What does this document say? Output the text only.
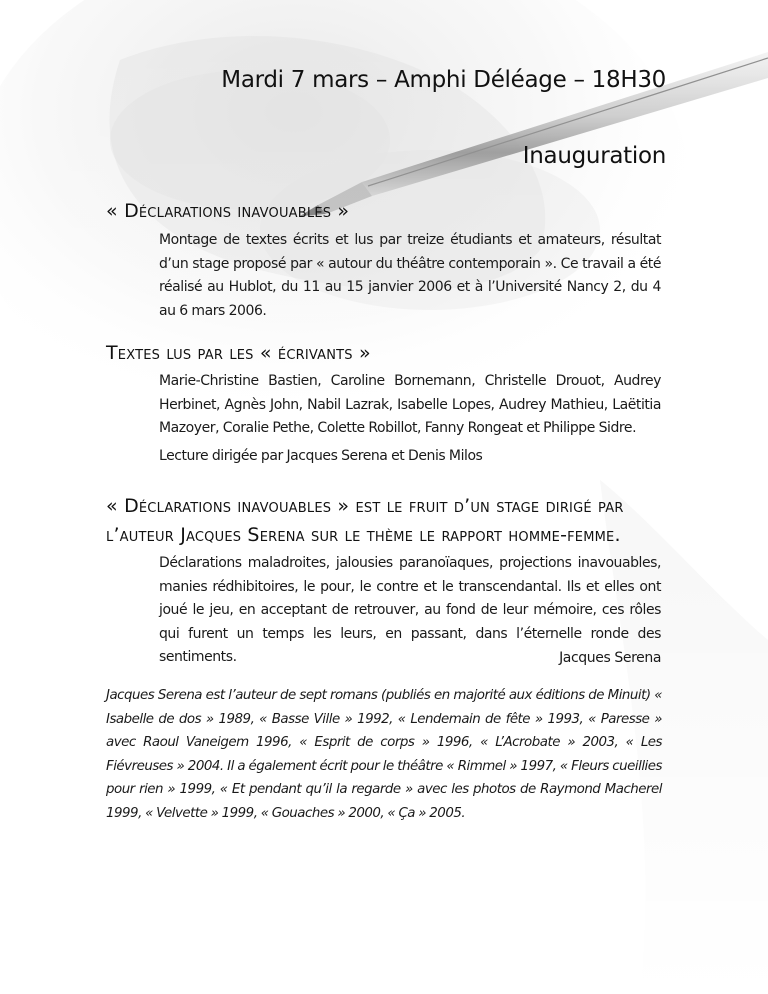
Mardi 7 mars – Amphi Déléage – 18H30
Inauguration
« Déclarations inavouables »

Montage de textes écrits et lus par treize étudiants et amateurs, résultat d’un stage proposé par « autour du théâtre contemporain ». Ce travail a été réalisé au Hublot, du 11 au 15 janvier 2006 et à l’Université Nancy 2, du 4 au 6 mars 2006.

Textes lus par les « écrivants »

Marie-Christine Bastien, Caroline Bornemann, Christelle Drouot, Audrey Herbinet, Agnès John, Nabil Lazrak, Isabelle Lopes, Audrey Mathieu, Laëtitia Mazoyer, Coralie Pethe, Colette Robillot, Fanny Rongeat et Philippe Sidre.

Lecture dirigée par Jacques Serena et Denis Milos

« Déclarations inavouables » est le fruit d’un stage dirigé par
l’auteur Jacques Serena sur le thème le rapport homme-femme.

Déclarations maladroites, jalousies paranoïaques, projections inavouables, manies rédhibitoires, le pour, le contre et le transcendantal. Ils et elles ont joué le jeu, en acceptant de retrouver, au fond de leur mémoire, ces rôles qui furent un temps les leurs, en passant, dans l’éternelle ronde des sentiments.	Jacques Serena

Jacques Serena est l’auteur de sept romans (publiés en majorité aux éditions de Minuit) « Isabelle de dos » 1989, « Basse Ville » 1992, « Lendemain de fête » 1993, « Paresse » avec Raoul Vaneigem 1996, « Esprit de corps » 1996, « L’Acrobate » 2003, « Les Fiévreuses » 2004. Il a également écrit pour le théâtre « Rimmel » 1997, « Fleurs cueillies pour rien » 1999, « Et pendant qu’il la regarde » avec les photos de Raymond Macherel 1999, « Velvette » 1999, « Gouaches » 2000, « Ça » 2005.
